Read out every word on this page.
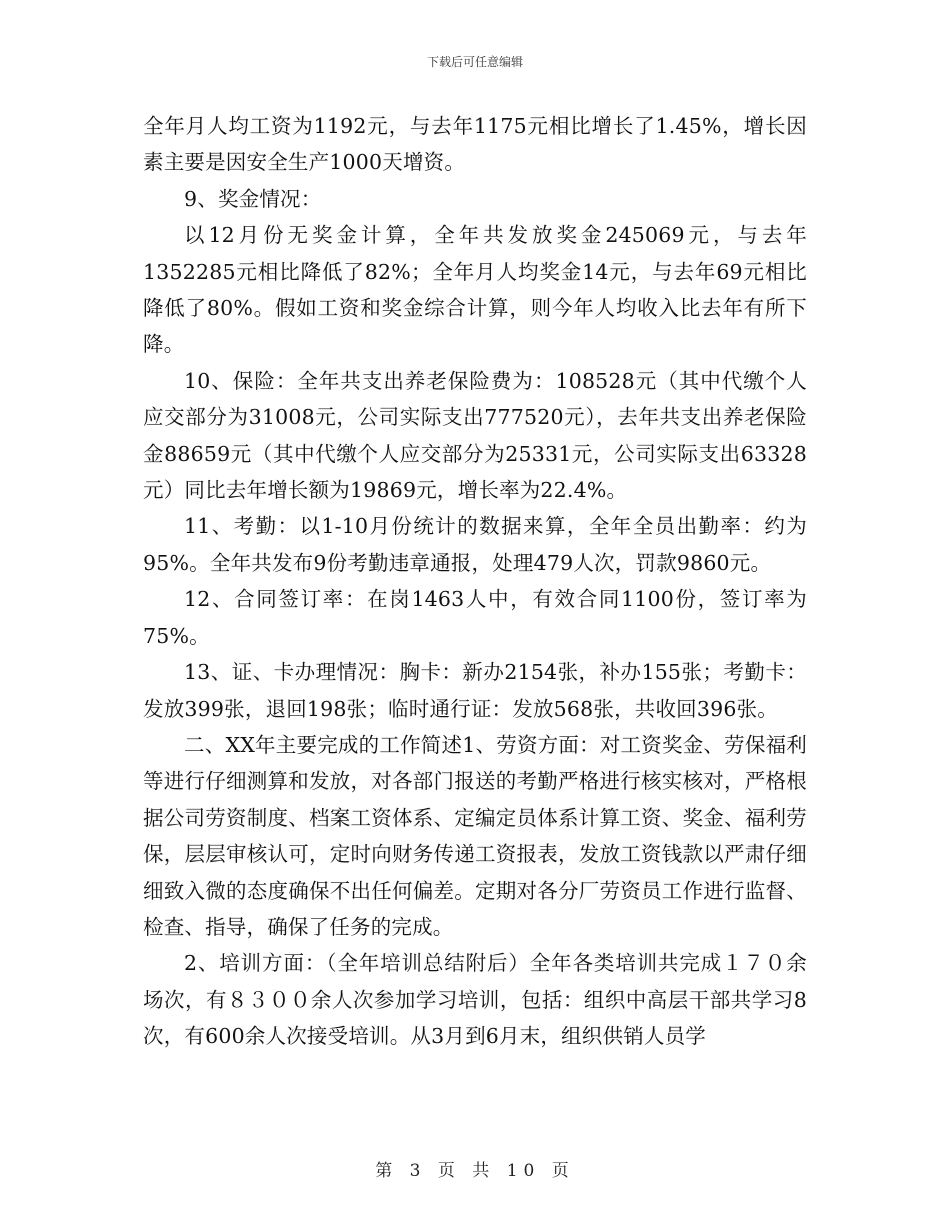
下载后可任意编辑

全年月人均工资为1192元，与去年1175元相比增长了1.45%，增长因素主要是因安全生产1000天增资。

9、奖金情况：

以12月份无奖金计算，全年共发放奖金245069元，与去年1352285元相比降低了82%；全年月人均奖金14元，与去年69元相比降低了80%。假如工资和奖金综合计算，则今年人均收入比去年有所下降。

10、保险：全年共支出养老保险费为：108528元（其中代缴个人应交部分为31008元，公司实际支出777520元），去年共支出养老保险金88659元（其中代缴个人应交部分为25331元，公司实际支出63328元）同比去年增长额为19869元，增长率为22.4%。

11、考勤：以1-10月份统计的数据来算，全年全员出勤率：约为95%。全年共发布9份考勤违章通报，处理479人次，罚款9860元。

12、合同签订率：在岗1463人中，有效合同1100份，签订率为75%。

13、证、卡办理情况：胸卡：新办2154张，补办155张；考勤卡：发放399张，退回198张；临时通行证：发放568张，共收回396张。

二、XX年主要完成的工作简述1、劳资方面：对工资奖金、劳保福利等进行仔细测算和发放，对各部门报送的考勤严格进行核实核对，严格根据公司劳资制度、档案工资体系、定编定员体系计算工资、奖金、福利劳保，层层审核认可，定时向财务传递工资报表，发放工资钱款以严肃仔细细致入微的态度确保不出任何偏差。定期对各分厂劳资员工作进行监督、检查、指导，确保了任务的完成。

2、培训方面：（全年培训总结附后）全年各类培训共完成１７０余场次，有８３００余人次参加学习培训，包括：组织中高层干部共学习8次，有600余人次接受培训。从3月到6月末，组织供销人员学

第 3 页 共 10 页
